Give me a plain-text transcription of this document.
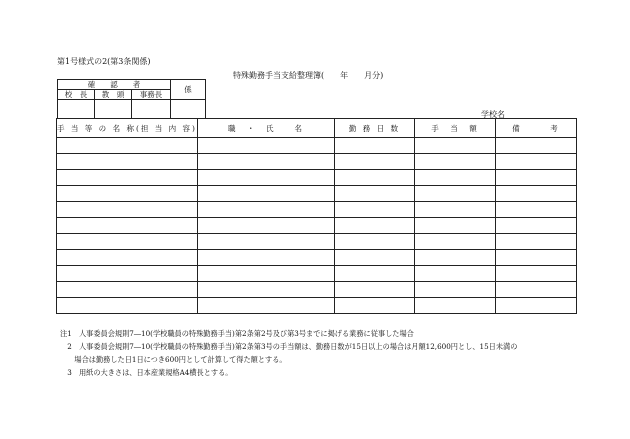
第1号様式の2(第3条関係)
特殊勤務手当支給整理簿(　　年　　月分)
確　　認　　者			係
校　長	教　頭	事務長	

学校名
手 当 等 の 名 称(担 当 内 容)	職　・　氏　　名	勤 務 日 数	手　当　額	備　　　考

注1　人事委員会規則7―10(学校職員の特殊勤務手当)第2条第2号及び第3号までに掲げる業務に従事した場合
　2　人事委員会規則7―10(学校職員の特殊勤務手当)第2条第3号の手当額は、勤務日数が15日以上の場合は月額12,600円とし、15日未満の
　　場合は勤務した日1日につき600円として計算して得た額とする。
　3　用紙の大きさは、日本産業規格A4横長とする。
